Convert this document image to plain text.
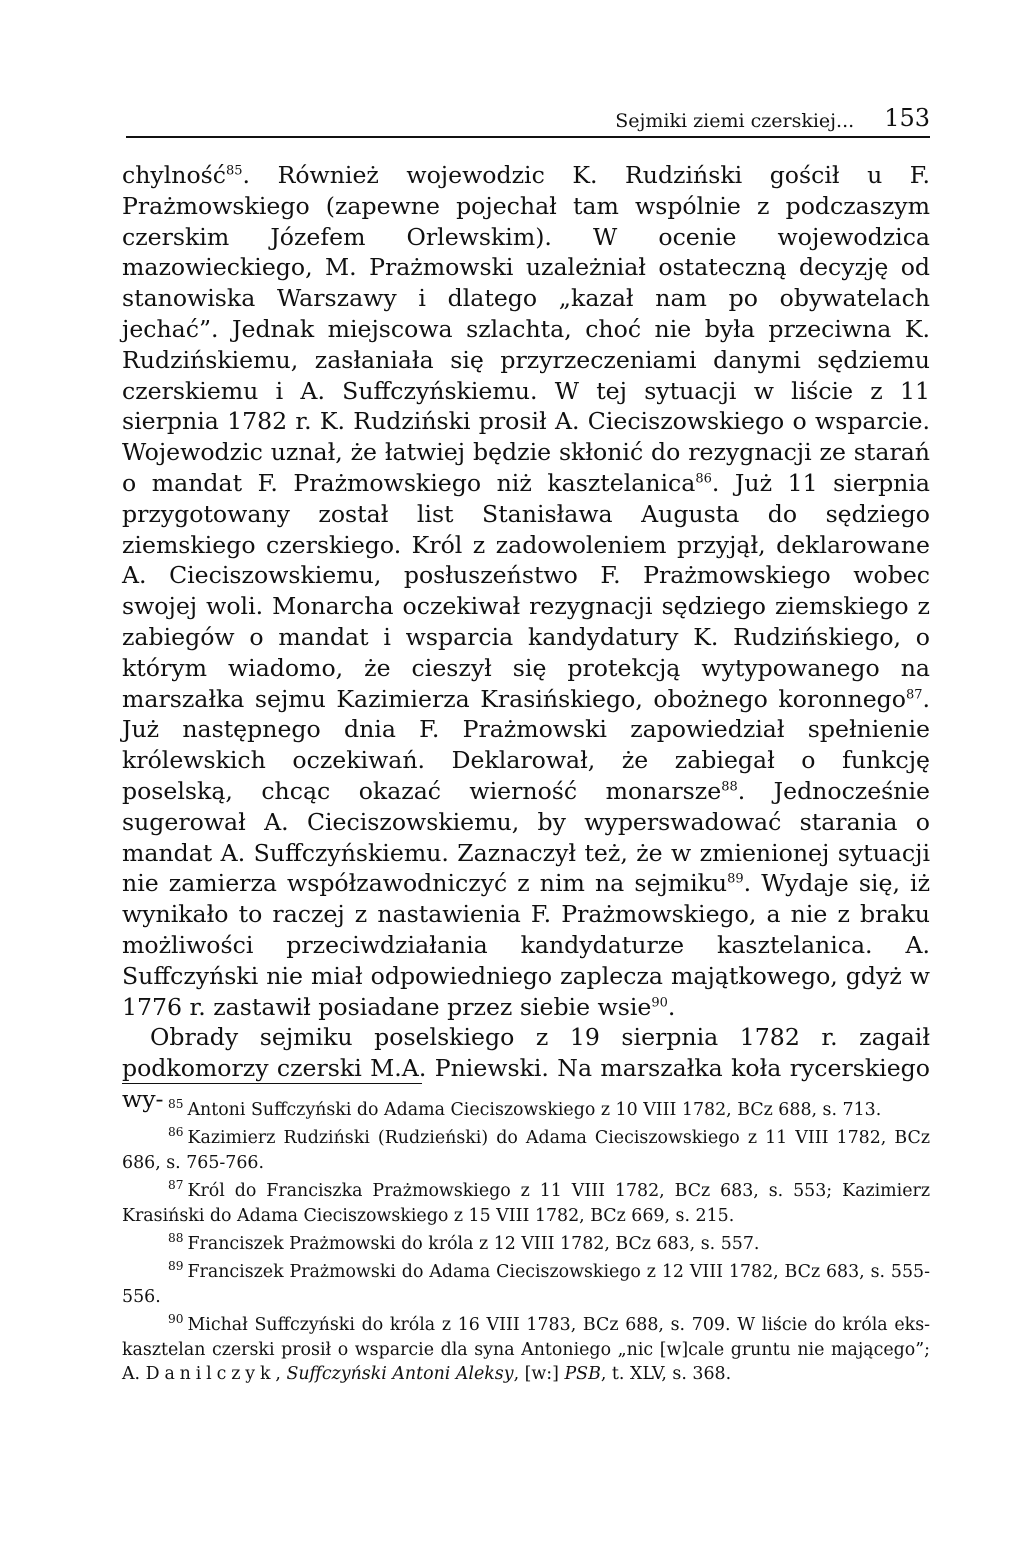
Sejmiki ziemi czerskiej... 153

chylność$^{85}$. Również wojewodzic K. Rudziński gościł u F. Prażmowskiego (zapewne pojechał tam wspólnie z podczaszym czerskim Józefem Orlewskim). W ocenie wojewodzica mazowieckiego, M. Prażmowski uzależniał ostateczną decyzję od stanowiska Warszawy i dlatego „kazał nam po obywatelach jechać”. Jednak miejscowa szlachta, choć nie była przeciwna K. Rudzińskiemu, zasłaniała się przyrzeczeniami danymi sędziemu czerskiemu i A. Suffczyńskiemu. W tej sytuacji w liście z 11 sierpnia 1782 r. K. Rudziński prosił A. Cieciszowskiego o wsparcie. Wojewodzic uznał, że łatwiej będzie skłonić do rezygnacji ze starań o mandat F. Prażmowskiego niż kasztelanica$^{86}$. Już 11 sierpnia przygotowany został list Stanisława Augusta do sędziego ziemskiego czerskiego. Król z zadowoleniem przyjął, deklarowane A. Cieciszowskiemu, posłuszeństwo F. Prażmowskiego wobec swojej woli. Monarcha oczekiwał rezygnacji sędziego ziemskiego z zabiegów o mandat i wsparcia kandydatury K. Rudzińskiego, o którym wiadomo, że cieszył się protekcją wytypowanego na marszałka sejmu Kazimierza Krasińskiego, obożnego koronnego$^{87}$. Już następnego dnia F. Prażmowski zapowiedział spełnienie królewskich oczekiwań. Deklarował, że zabiegał o funkcję poselską, chcąc okazać wierność monarsze$^{88}$. Jednocześnie sugerował A. Cieciszowskiemu, by wyperswadować starania o mandat A. Suffczyńskiemu. Zaznaczył też, że w zmienionej sytuacji nie zamierza współzawodniczyć z nim na sejmiku$^{89}$. Wydaje się, iż wynikało to raczej z nastawienia F. Prażmowskiego, a nie z braku możliwości przeciwdziałania kandydaturze kasztelanica. A. Suffczyński nie miał odpowiedniego zaplecza majątkowego, gdyż w 1776 r. zastawił posiadane przez siebie wsie$^{90}$.

Obrady sejmiku poselskiego z 19 sierpnia 1782 r. zagaił podkomorzy czerski M.A. Pniewski. Na marszałka koła rycerskiego wy- $^{85}$ Antoni Suffczyński do Adama Cieciszowskiego z 10 VIII 1782, BCz 688, s. 713.

$^{86}$ Kazimierz Rudziński (Rudzieński) do Adama Cieciszowskiego z 11 VIII 1782, BCz 686, s. 765-766.

$^{87}$ Król do Franciszka Prażmowskiego z 11 VIII 1782, BCz 683, s. 553; Kazimierz Krasiński do Adama Cieciszowskiego z 15 VIII 1782, BCz 669, s. 215.

$^{88}$ Franciszek Prażmowski do króla z 12 VIII 1782, BCz 683, s. 557.

$^{89}$ Franciszek Prażmowski do Adama Cieciszowskiego z 12 VIII 1782, BCz 683, s. 555-556.

$^{90}$ Michał Suffczyński do króla z 16 VIII 1783, BCz 688, s. 709. W liście do króla eks-kasztelan czerski prosił o wsparcie dla syna Antoniego „nic [w]cale gruntu nie mającego”; A. Danilczyk, Suffczyński Antoni Aleksy, [w:] PSB, t. XLV, s. 368.
